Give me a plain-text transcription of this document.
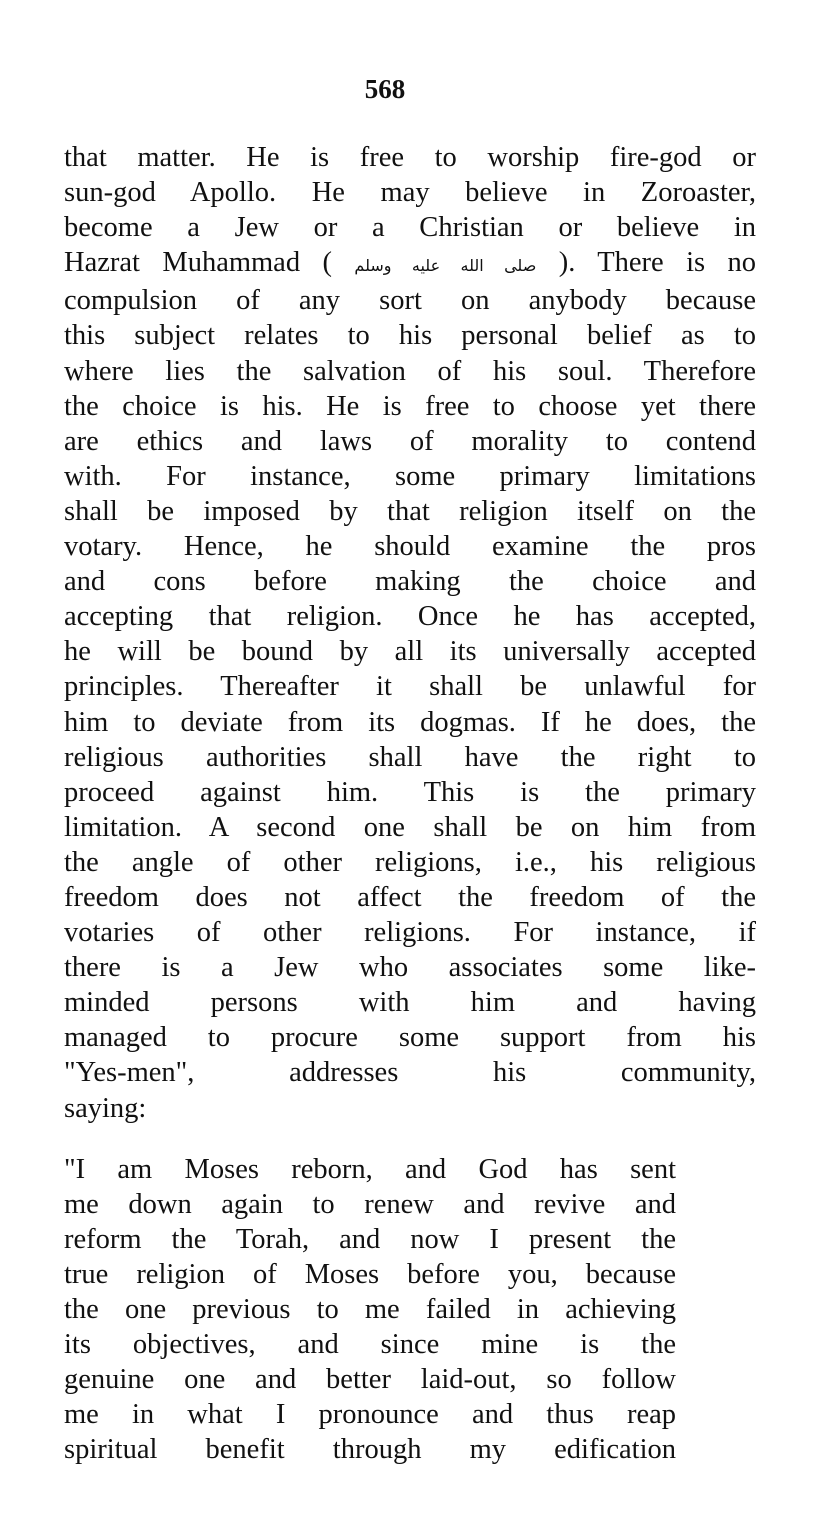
568
that matter. He is free to worship fire-god or
sun-god Apollo. He may believe in Zoroaster,
become a Jew or a Christian or believe in
Hazrat Muhammad ( صلى الله عليه وسلم ). There is no
compulsion of any sort on anybody because
this subject relates to his personal belief as to
where lies the salvation of his soul. Therefore
the choice is his. He is free to choose yet there
are ethics and laws of morality to contend
with. For instance, some primary limitations
shall be imposed by that religion itself on the
votary. Hence, he should examine the pros
and cons before making the choice and
accepting that religion. Once he has accepted,
he will be bound by all its universally accepted
principles. Thereafter it shall be unlawful for
him to deviate from its dogmas. If he does, the
religious authorities shall have the right to
proceed against him. This is the primary
limitation. A second one shall be on him from
the angle of other religions, i.e., his religious
freedom does not affect the freedom of the
votaries of other religions. For instance, if
there is a Jew who associates some like-
minded persons with him and having
managed to procure some support from his
"Yes-men", addresses his community,
saying:
"I am Moses reborn, and God has sent
me down again to renew and revive and
reform the Torah, and now I present the
true religion of Moses before you, because
the one previous to me failed in achieving
its objectives, and since mine is the
genuine one and better laid-out, so follow
me in what I pronounce and thus reap
spiritual benefit through my edification
